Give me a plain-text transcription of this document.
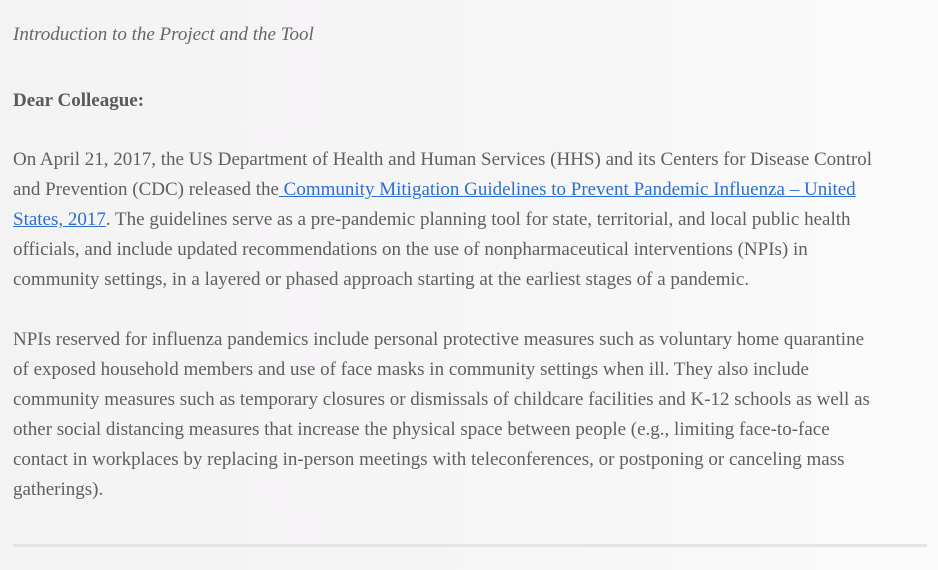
Introduction to the Project and the Tool

Dear Colleague:

On April 21, 2017, the US Department of Health and Human Services (HHS) and its Centers for Disease Control
and Prevention (CDC) released the Community Mitigation Guidelines to Prevent Pandemic Influenza – United
States, 2017. The guidelines serve as a pre-pandemic planning tool for state, territorial, and local public health
officials, and include updated recommendations on the use of nonpharmaceutical interventions (NPIs) in
community settings, in a layered or phased approach starting at the earliest stages of a pandemic.

NPIs reserved for influenza pandemics include personal protective measures such as voluntary home quarantine
of exposed household members and use of face masks in community settings when ill. They also include
community measures such as temporary closures or dismissals of childcare facilities and K-12 schools as well as
other social distancing measures that increase the physical space between people (e.g., limiting face-to-face
contact in workplaces by replacing in-person meetings with teleconferences, or postponing or canceling mass
gatherings).
